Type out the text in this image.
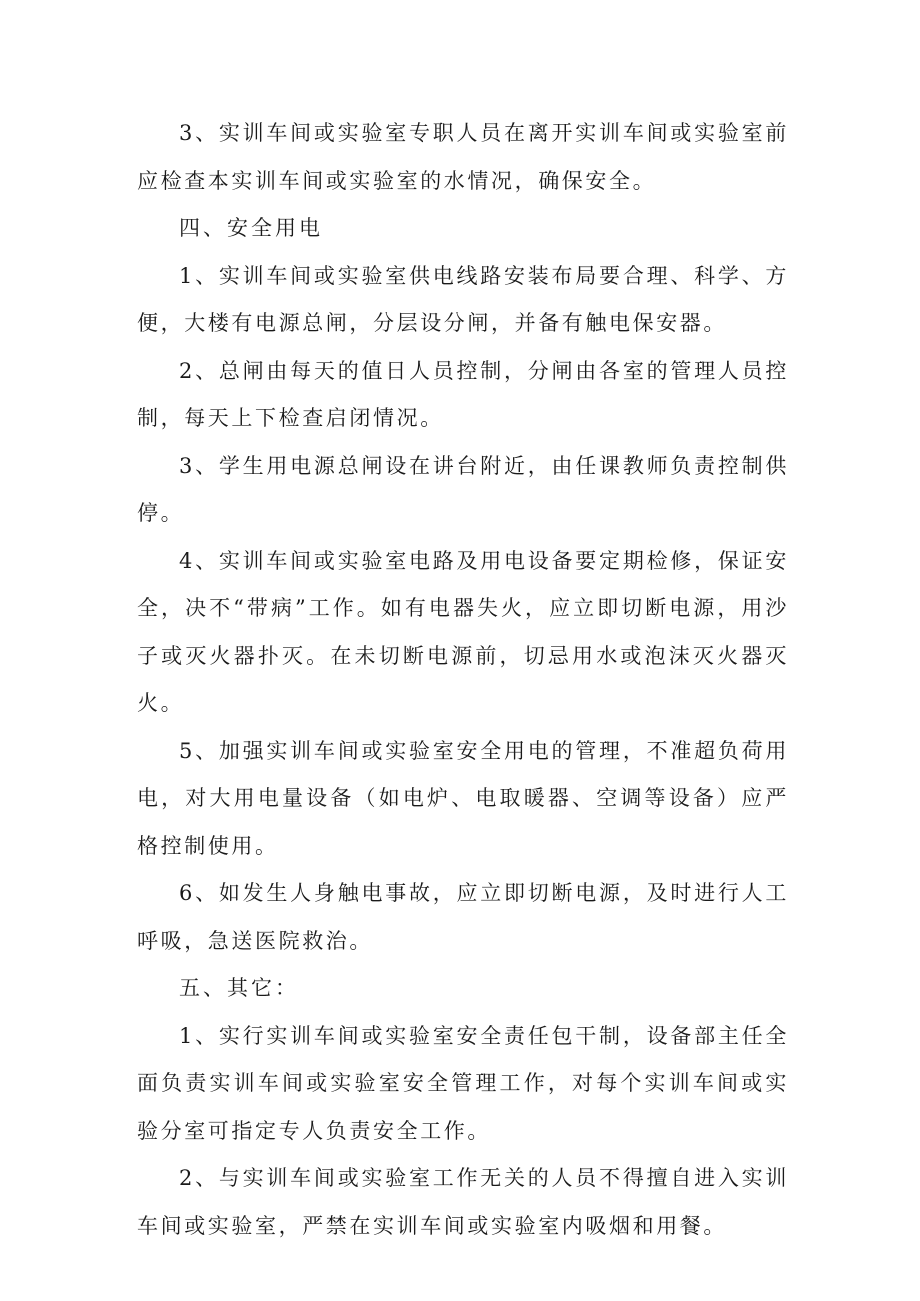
3、实训车间或实验室专职人员在离开实训车间或实验室前应检查本实训车间或实验室的水情况，确保安全。

四、安全用电

1、实训车间或实验室供电线路安装布局要合理、科学、方便，大楼有电源总闸，分层设分闸，并备有触电保安器。

2、总闸由每天的值日人员控制，分闸由各室的管理人员控制，每天上下检查启闭情况。

3、学生用电源总闸设在讲台附近，由任课教师负责控制供停。

4、实训车间或实验室电路及用电设备要定期检修，保证安全，决不“带病”工作。如有电器失火，应立即切断电源，用沙子或灭火器扑灭。在未切断电源前，切忌用水或泡沫灭火器灭火。

5、加强实训车间或实验室安全用电的管理，不准超负荷用电，对大用电量设备（如电炉、电取暖器、空调等设备）应严格控制使用。

6、如发生人身触电事故，应立即切断电源，及时进行人工呼吸，急送医院救治。

五、其它：

1、实行实训车间或实验室安全责任包干制，设备部主任全面负责实训车间或实验室安全管理工作，对每个实训车间或实验分室可指定专人负责安全工作。

2、与实训车间或实验室工作无关的人员不得擅自进入实训车间或实验室，严禁在实训车间或实验室内吸烟和用餐。
